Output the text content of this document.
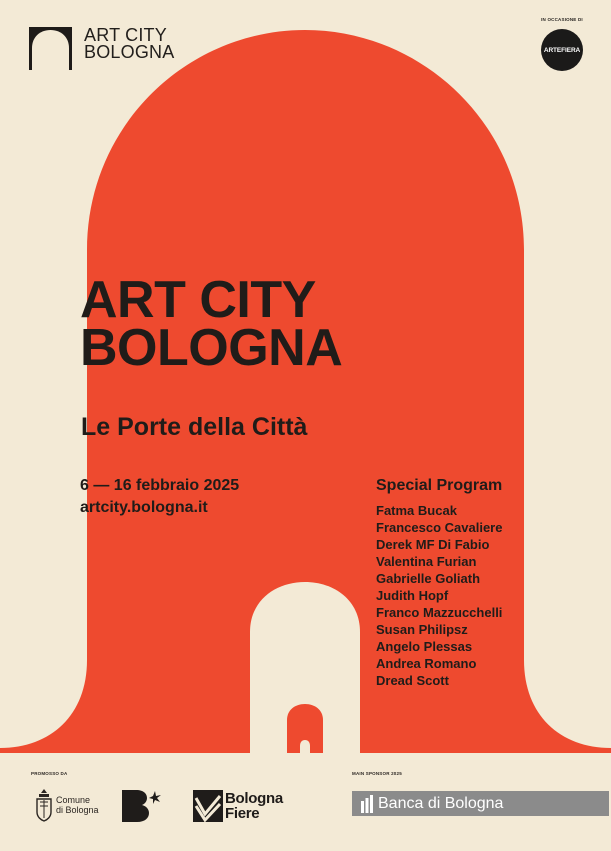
ART CITY
BOLOGNA
IN OCCASIONE DI
ARTEFIERA
ART CITY
BOLOGNA
Le Porte della Città
6 — 16 febbraio 2025
artcity.bologna.it
Special Program
Fatma Bucak
Francesco Cavaliere
Derek MF Di Fabio
Valentina Furian
Gabrielle Goliath
Judith Hopf
Franco Mazzucchelli
Susan Philipsz
Angelo Plessas
Andrea Romano
Dread Scott
PROMOSSO DA
Comune
di Bologna
Bologna
Fiere
MAIN SPONSOR 2025
Banca di Bologna
